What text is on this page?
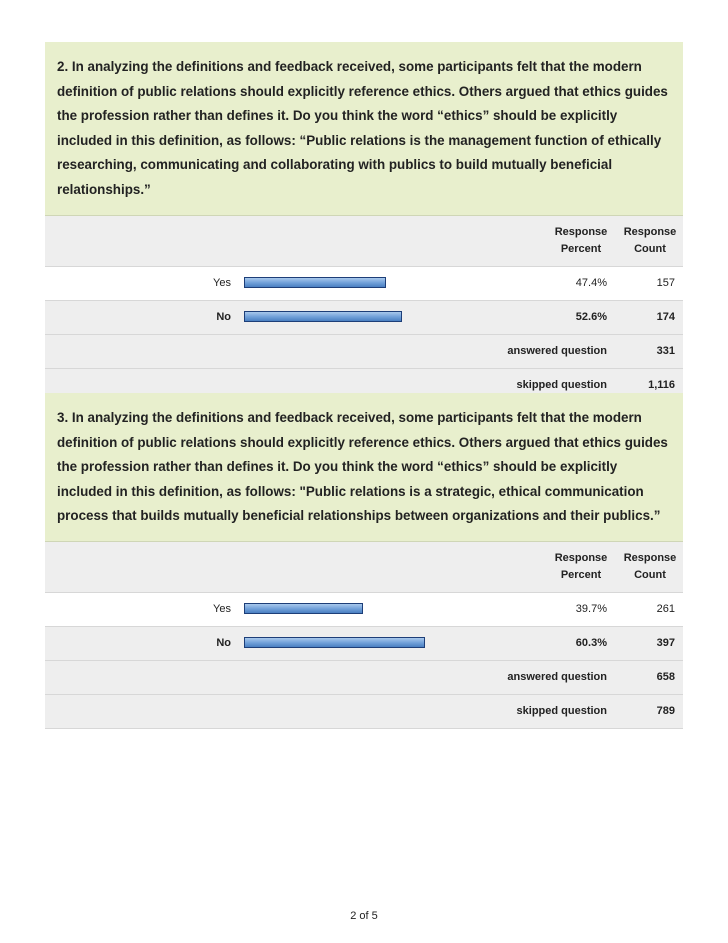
2. In analyzing the definitions and feedback received, some participants felt that the modern definition of public relations should explicitly reference ethics. Others argued that ethics guides the profession rather than defines it. Do you think the word “ethics” should be explicitly included in this definition, as follows: “Public relations is the management function of ethically researching, communicating and collaborating with publics to build mutually beneficial relationships.”
Response Percent
Response Count
Yes	47.4%	157
No	52.6%	174
answered question	331
skipped question	1,116
3. In analyzing the definitions and feedback received, some participants felt that the modern definition of public relations should explicitly reference ethics. Others argued that ethics guides the profession rather than defines it. Do you think the word “ethics” should be explicitly included in this definition, as follows: "Public relations is a strategic, ethical communication process that builds mutually beneficial relationships between organizations and their publics.”
Response Percent
Response Count
Yes	39.7%	261
No	60.3%	397
answered question	658
skipped question	789
2 of 5
